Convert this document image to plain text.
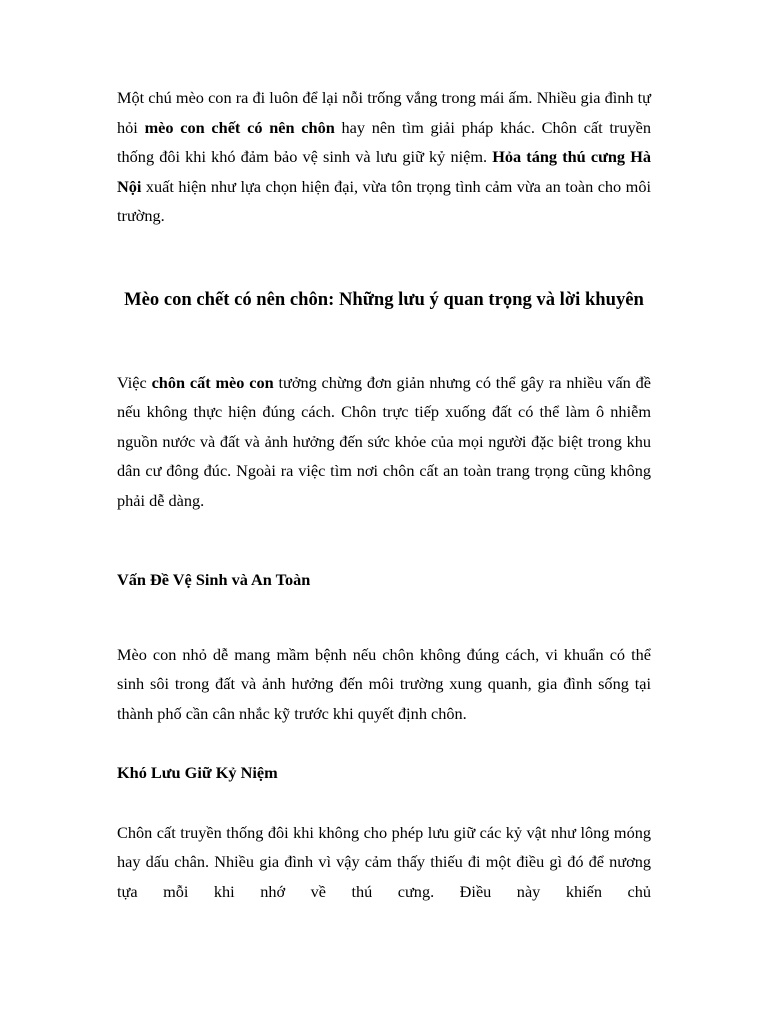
Một chú mèo con ra đi luôn để lại nỗi trống vắng trong mái ấm. Nhiều gia đình tự hỏi mèo con chết có nên chôn hay nên tìm giải pháp khác. Chôn cất truyền thống đôi khi khó đảm bảo vệ sinh và lưu giữ kỷ niệm. Hỏa táng thú cưng Hà Nội xuất hiện như lựa chọn hiện đại, vừa tôn trọng tình cảm vừa an toàn cho môi trường.

Mèo con chết có nên chôn: Những lưu ý quan trọng và lời khuyên

Việc chôn cất mèo con tưởng chừng đơn giản nhưng có thể gây ra nhiều vấn đề nếu không thực hiện đúng cách. Chôn trực tiếp xuống đất có thể làm ô nhiễm nguồn nước và đất và ảnh hưởng đến sức khỏe của mọi người đặc biệt trong khu dân cư đông đúc. Ngoài ra việc tìm nơi chôn cất an toàn trang trọng cũng không phải dễ dàng.

Vấn Đề Vệ Sinh và An Toàn

Mèo con nhỏ dễ mang mầm bệnh nếu chôn không đúng cách, vi khuẩn có thể sinh sôi trong đất và ảnh hưởng đến môi trường xung quanh, gia đình sống tại thành phố cần cân nhắc kỹ trước khi quyết định chôn.

Khó Lưu Giữ Kỷ Niệm

Chôn cất truyền thống đôi khi không cho phép lưu giữ các kỷ vật như lông móng hay dấu chân. Nhiều gia đình vì vậy cảm thấy thiếu đi một điều gì đó để nương tựa mỗi khi nhớ về thú cưng. Điều này khiến chủ
